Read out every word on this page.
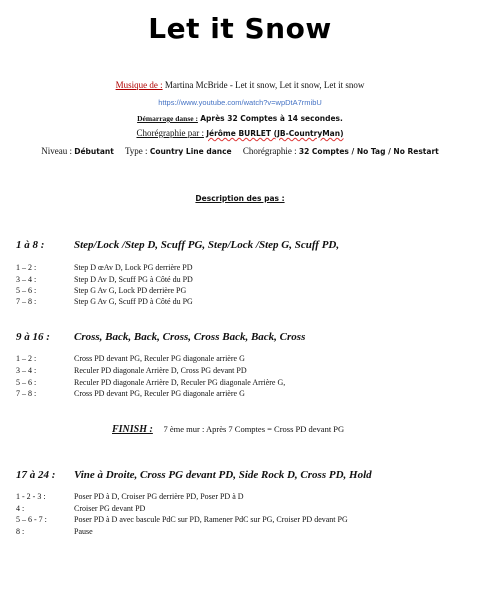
Let it Snow
Musique de : Martina McBride - Let it snow, Let it snow, Let it snow
https://www.youtube.com/watch?v=wpDtA7rmibU
Démarrage danse : Après 32 Comptes à 14 secondes.
Chorégraphie par : Jérôme BURLET (JB-CountryMan)
Niveau : Débutant Type : Country Line dance Chorégraphie : 32 Comptes / No Tag / No Restart
Description des pas :
1 à 8 :	Step/Lock /Step D, Scuff PG, Step/Lock /Step G, Scuff PD,
1 – 2 :	Step D œAv D, Lock PG derrière PD
3 – 4 :	Step D Av D, Scuff PG à Côté du PD
5 – 6 :	Step G Av G, Lock PD derrière PG
7 – 8 :	Step G Av G, Scuff PD à Côté du PG
9 à 16 : Cross, Back, Back, Cross, Cross Back, Back, Cross
1 – 2 :	Cross PD devant PG, Reculer PG diagonale arrière G
3 – 4 :	Reculer PD diagonale Arrière D, Cross PG devant PD
5 – 6 :	Reculer PD diagonale Arrière D, Reculer PG diagonale Arrière G,
7 – 8 :	Cross PD devant PG, Reculer PG diagonale arrière G
FINISH : 7 ème mur : Après 7 Comptes = Cross PD devant PG
17 à 24 : Vine à Droite, Cross PG devant PD, Side Rock D, Cross PD, Hold
1 - 2 - 3 :	Poser PD à D, Croiser PG derrière PD, Poser PD à D
4 :	Croiser PG devant PD
5 – 6 - 7 :	Poser PD à D avec bascule PdC sur PD, Ramener PdC sur PG, Croiser PD devant PG
8 :	Pause
